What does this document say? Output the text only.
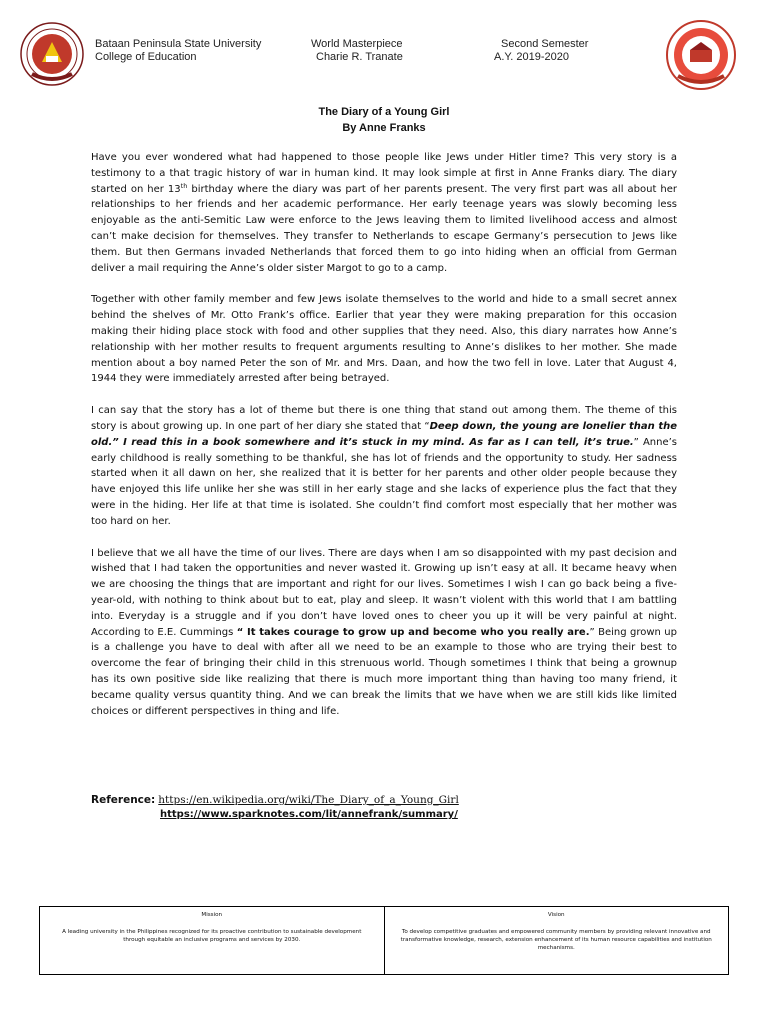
Bataan Peninsula State University
College of Education
World Masterpiece
Charie R. Tranate
Second Semester
A.Y. 2019-2020
The Diary of a Young Girl
By Anne Franks

Have you ever wondered what had happened to those people like Jews under Hitler time? This very story is a testimony to a that tragic history of war in human kind. It may look simple at first in Anne Franks diary. The diary started on her 13th birthday where the diary was part of her parents present. The very first part was all about her relationships to her friends and her academic performance. Her early teenage years was slowly becoming less enjoyable as the anti-Semitic Law were enforce to the Jews leaving them to limited livelihood access and almost can’t make decision for themselves. They transfer to Netherlands to escape Germany’s persecution to Jews like them. But then Germans invaded Netherlands that forced them to go into hiding when an official from German deliver a mail requiring the Anne’s older sister Margot to go to a camp.

Together with other family member and few Jews isolate themselves to the world and hide to a small secret annex behind the shelves of Mr. Otto Frank’s office. Earlier that year they were making preparation for this occasion making their hiding place stock with food and other supplies that they need. Also, this diary narrates how Anne’s relationship with her mother results to frequent arguments resulting to Anne’s dislikes to her mother. She made mention about a boy named Peter the son of Mr. and Mrs. Daan, and how the two fell in love. Later that August 4, 1944 they were immediately arrested after being betrayed.

I can say that the story has a lot of theme but there is one thing that stand out among them. The theme of this story is about growing up. In one part of her diary she stated that “Deep down, the young are lonelier than the old.” I read this in a book somewhere and it’s stuck in my mind. As far as I can tell, it’s true.” Anne’s early childhood is really something to be thankful, she has lot of friends and the opportunity to study. Her sadness started when it all dawn on her, she realized that it is better for her parents and other older people because they have enjoyed this life unlike her she was still in her early stage and she lacks of experience plus the fact that they were in the hiding. Her life at that time is isolated. She couldn’t find comfort most especially that her mother was too hard on her.

I believe that we all have the time of our lives. There are days when I am so disappointed with my past decision and wished that I had taken the opportunities and never wasted it. Growing up isn’t easy at all. It became heavy when we are choosing the things that are important and right for our lives. Sometimes I wish I can go back being a five-year-old, with nothing to think about but to eat, play and sleep. It wasn’t violent with this world that I am battling into. Everyday is a struggle and if you don’t have loved ones to cheer you up it will be very painful at night. According to E.E. Cummings “ It takes courage to grow up and become who you really are.” Being grown up is a challenge you have to deal with after all we need to be an example to those who are trying their best to overcome the fear of bringing their child in this strenuous world. Though sometimes I think that being a grownup has its own positive side like realizing that there is much more important thing than having too many friend, it became quality versus quantity thing. And we can break the limits that we have when we are still kids like limited choices or different perspectives in thing and life.

Reference: https://en.wikipedia.org/wiki/The_Diary_of_a_Young_Girl
https://www.sparknotes.com/lit/annefrank/summary/
Mission
A leading university in the Philippines recognized for its proactive contribution to sustainable development through equitable an inclusive programs and services by 2030.
Vision
To develop competitive graduates and empowered community members by providing relevant innovative and transformative knowledge, research, extension enhancement of its human resource capabilities and institution mechanisms.
